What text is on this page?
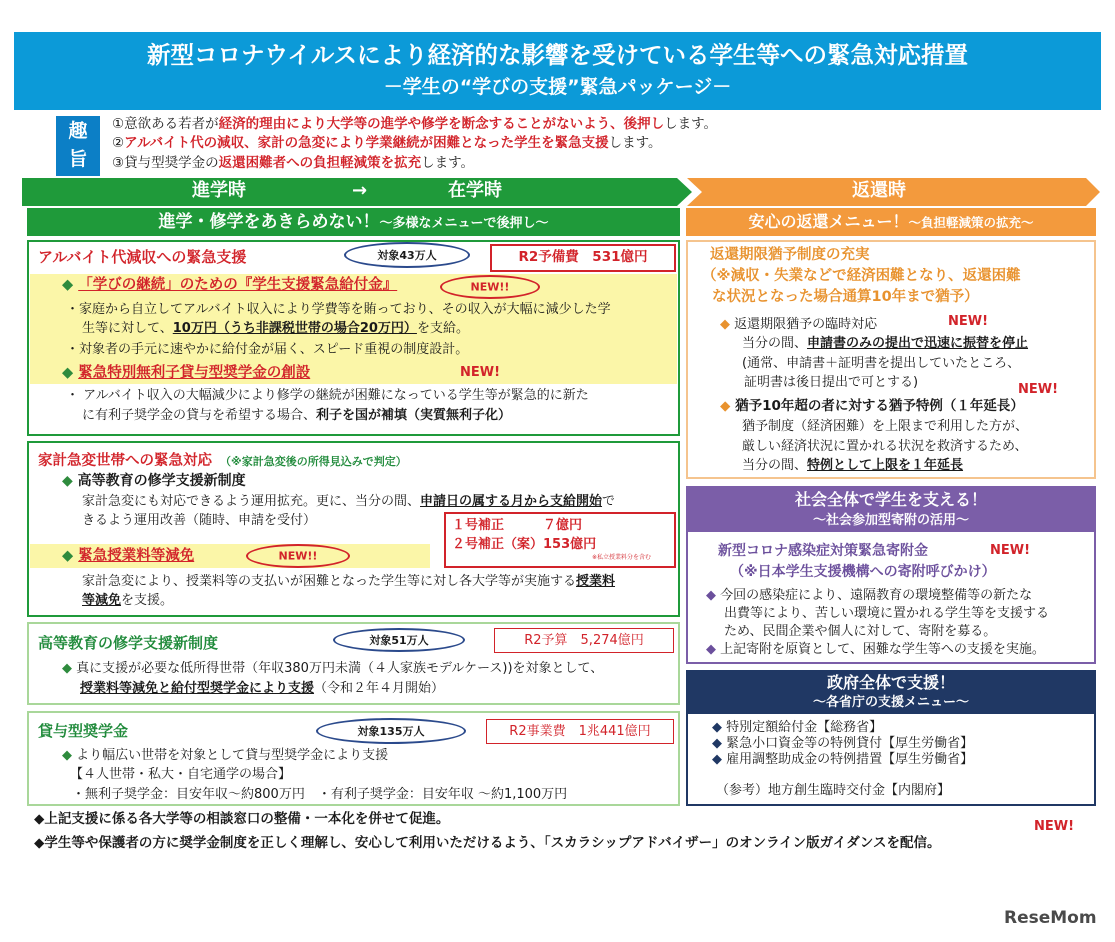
新型コロナウイルスにより経済的な影響を受けている学生等への緊急対応措置
－学生の“学びの支援”緊急パッケージ－
趣
旨
①意欲ある若者が経済的理由により大学等の進学や修学を断念することがないよう、後押しします。
②アルバイト代の減収、家計の急変により学業継続が困難となった学生を緊急支援します。
③貸与型奨学金の返還困難者への負担軽減策を拡充します。
進学時	→	在学時	返還時
進学・修学をあきらめない！～多様なメニューで後押し～	安心の返還メニュー！～負担軽減策の拡充～
アルバイト代減収への緊急支援	対象43万人	R2予備費　531億円
◆ 「学びの継続」のための『学生支援緊急給付金』	NEW!!
・家庭から自立してアルバイト収入により学費等を賄っており、その収入が大幅に減少した学
生等に対して、10万円（うち非課税世帯の場合20万円）を支給。
・対象者の手元に速やかに給付金が届く、スピード重視の制度設計。
◆ 緊急特別無利子貸与型奨学金の創設	NEW!
・ アルバイト収入の大幅減少により修学の継続が困難になっている学生等が緊急的に新た
に有利子奨学金の貸与を希望する場合、利子を国が補填（実質無利子化）
家計急変世帯への緊急対応 （※家計急変後の所得見込みで判定）
◆ 高等教育の修学支援新制度
家計急変にも対応できるよう運用拡充。更に、当分の間、申請日の属する月から支給開始で
きるよう運用改善（随時、申請を受付）	１号補正　　　７億円
２号補正（案）153億円
※私立授業料分を含む
◆ 緊急授業料等減免	NEW!!
家計急変により、授業料等の支払いが困難となった学生等に対し各大学等が実施する授業料
等減免を支援。
高等教育の修学支援新制度	対象51万人	R2予算　5,274億円
◆ 真に支援が必要な低所得世帯（年収380万円未満（４人家族モデルケース))を対象として、
授業料等減免と給付型奨学金により支援（令和２年４月開始）
貸与型奨学金	対象135万人	R2事業費　1兆441億円
◆ より幅広い世帯を対象として貸与型奨学金により支援
【４人世帯・私大・自宅通学の場合】
・無利子奨学金：目安年収～約800万円　・有利子奨学金：目安年収 ～約1,100万円
返還期限猶予制度の充実
（※減収・失業などで経済困難となり、返還困難
な状況となった場合通算10年まで猶予）
◆ 返還期限猶予の臨時対応	NEW!
当分の間、申請書のみの提出で迅速に振替を停止
(通常、申請書＋証明書を提出していたところ、
証明書は後日提出で可とする)	NEW!
◆ 猶予10年超の者に対する猶予特例（１年延長）
猶予制度（経済困難）を上限まで利用した方が、
厳しい経済状況に置かれる状況を救済するため、
当分の間、特例として上限を１年延長
社会全体で学生を支える！
～社会参加型寄附の活用～
新型コロナ感染症対策緊急寄附金	NEW!
（※日本学生支援機構への寄附呼びかけ）
◆ 今回の感染症により、遠隔教育の環境整備等の新たな
出費等により、苦しい環境に置かれる学生等を支援する
ため、民間企業や個人に対して、寄附を募る。
◆ 上記寄附を原資として、困難な学生等への支援を実施。
政府全体で支援！
～各省庁の支援メニュー～
◆ 特別定額給付金【総務省】
◆ 緊急小口資金等の特例貸付【厚生労働省】
◆ 雇用調整助成金の特例措置【厚生労働省】
（参考）地方創生臨時交付金【内閣府】
◆上記支援に係る各大学等の相談窓口の整備・一本化を併せて促進。	NEW!
◆学生等や保護者の方に奨学金制度を正しく理解し、安心して利用いただけるよう、「スカラシップアドバイザー」のオンライン版ガイダンスを配信。
ReseMom
